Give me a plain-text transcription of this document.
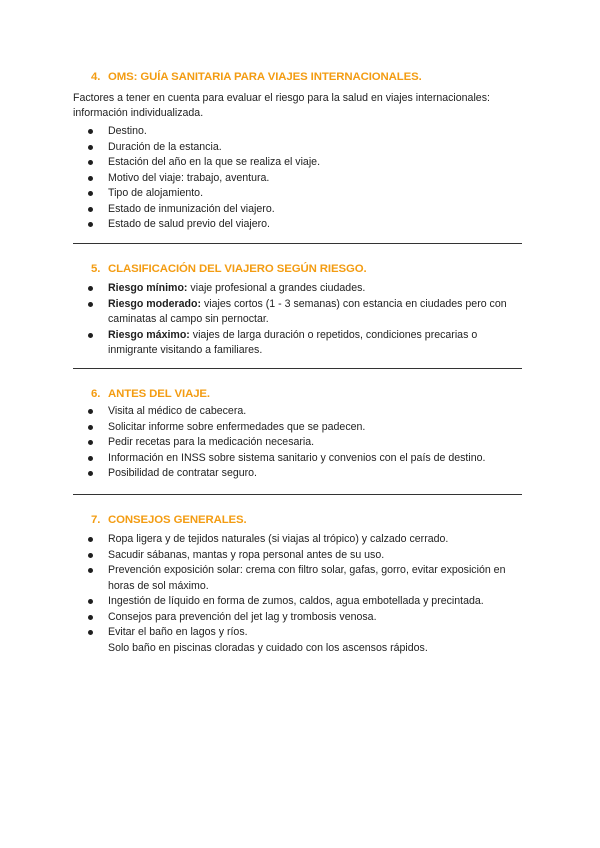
4. OMS: GUÍA SANITARIA PARA VIAJES INTERNACIONALES.

Factores a tener en cuenta para evaluar el riesgo para la salud en viajes internacionales: información individualizada.

Destino.
Duración de la estancia.
Estación del año en la que se realiza el viaje.
Motivo del viaje: trabajo, aventura.
Tipo de alojamiento.
Estado de inmunización del viajero.
Estado de salud previo del viajero.
5. CLASIFICACIÓN DEL VIAJERO SEGÚN RIESGO.
Riesgo mínimo: viaje profesional a grandes ciudades.
Riesgo moderado: viajes cortos (1 - 3 semanas) con estancia en ciudades pero con caminatas al campo sin pernoctar.
Riesgo máximo: viajes de larga duración o repetidos, condiciones precarias o inmigrante visitando a familiares.
6. ANTES DEL VIAJE.
Visita al médico de cabecera.
Solicitar informe sobre enfermedades que se padecen.
Pedir recetas para la medicación necesaria.
Información en INSS sobre sistema sanitario y convenios con el país de destino.
Posibilidad de contratar seguro.
7. CONSEJOS GENERALES.
Ropa ligera y de tejidos naturales (si viajas al trópico) y calzado cerrado.
Sacudir sábanas, mantas y ropa personal antes de su uso.
Prevención exposición solar: crema con filtro solar, gafas, gorro, evitar exposición en horas de sol máximo.
Ingestión de líquido en forma de zumos, caldos, agua embotellada y precintada.
Consejos para prevención del jet lag y trombosis venosa.
Evitar el baño en lagos y ríos.
Solo baño en piscinas cloradas y cuidado con los ascensos rápidos.
